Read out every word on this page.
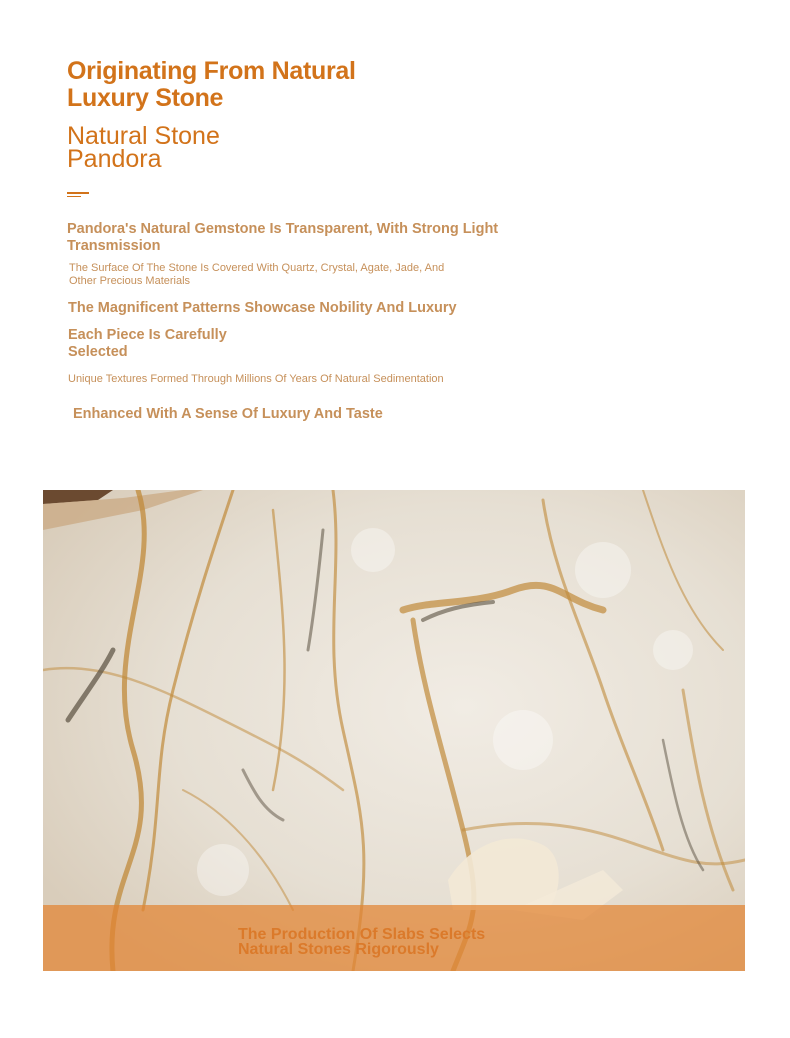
Originating From Natural
Luxury Stone
Natural Stone
Pandora
Pandora's Natural Gemstone Is Transparent, With Strong Light
Transmission
The Surface Of The Stone Is Covered With Quartz, Crystal, Agate, Jade, And
Other Precious Materials
The Magnificent Patterns Showcase Nobility And Luxury
Each Piece Is Carefully
Selected
Unique Textures Formed Through Millions Of Years Of Natural Sedimentation
Enhanced With A Sense Of Luxury And Taste
The Production Of Slabs Selects
Natural Stones Rigorously
